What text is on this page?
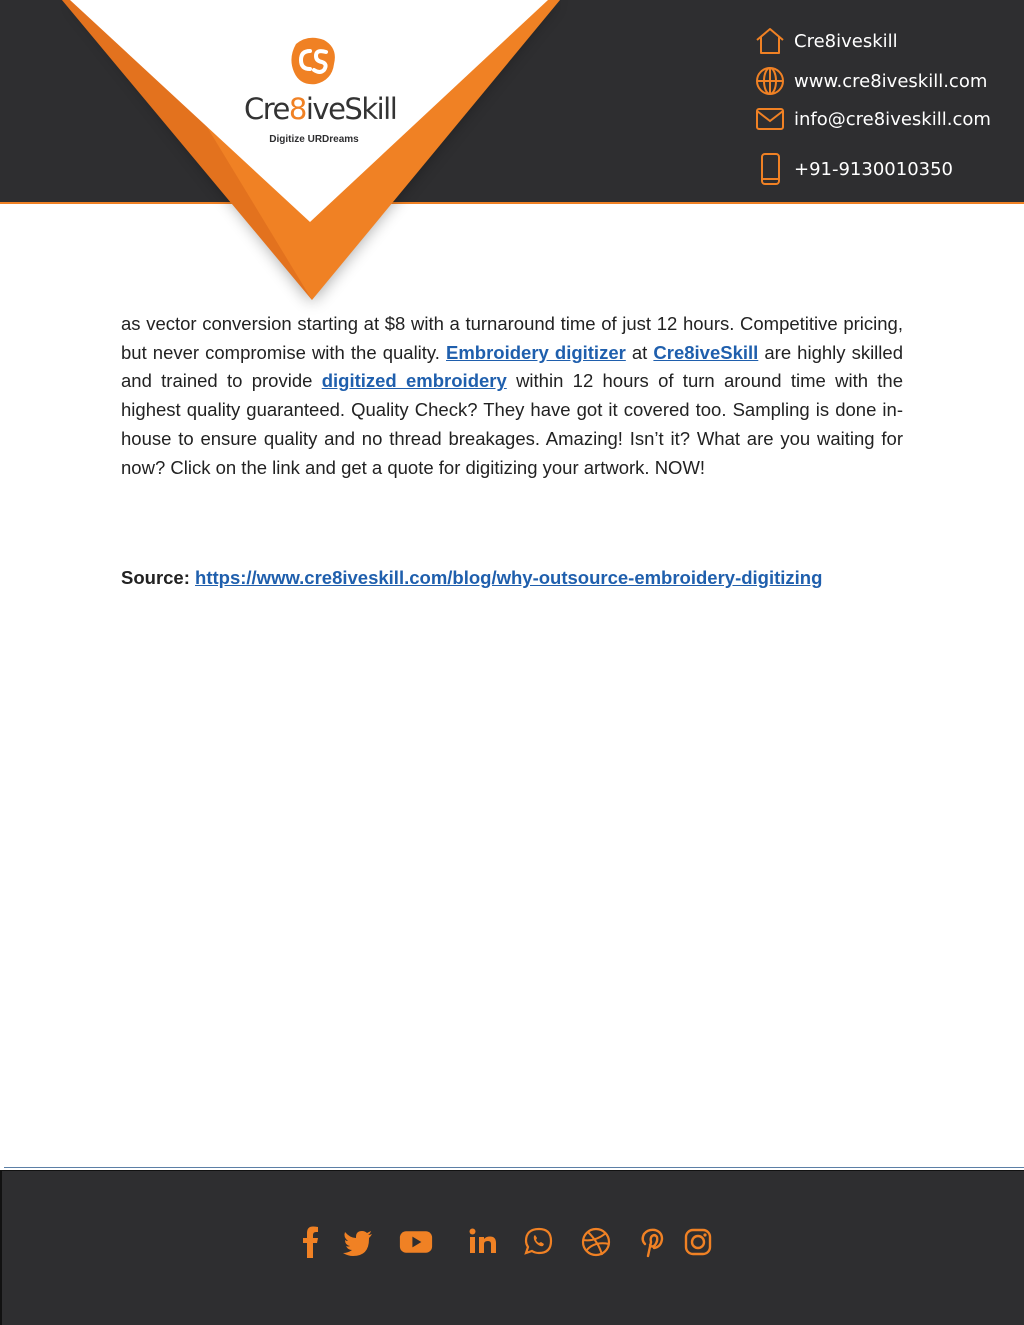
Cre8iveSkill
Digitize URDreams
Cre8iveskill
www.cre8iveskill.com
info@cre8iveskill.com
+91-9130010350

as vector conversion starting at $8 with a turnaround time of just 12 hours. Competitive pricing, but never compromise with the quality. Embroidery digitizer at Cre8iveSkill are highly skilled and trained to provide digitized embroidery within 12 hours of turn around time with the highest quality guaranteed. Quality Check? They have got it covered too. Sampling is done in-house to ensure quality and no thread breakages. Amazing! Isn’t it? What are you waiting for now? Click on the link and get a quote for digitizing your artwork. NOW!

Source: https://www.cre8iveskill.com/blog/why-outsource-embroidery-digitizing
